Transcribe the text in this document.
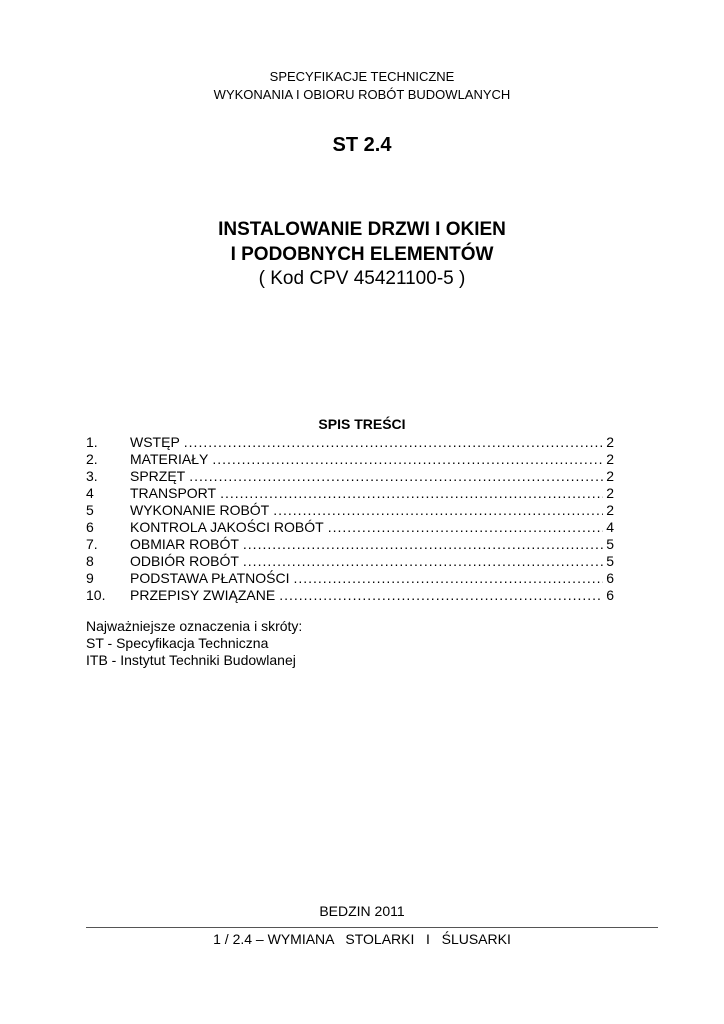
SPECYFIKACJE TECHNICZNE
WYKONANIA I OBIORU ROBÓT BUDOWLANYCH
ST 2.4
INSTALOWANIE DRZWI I OKIEN
I PODOBNYCH ELEMENTÓW
( Kod CPV 45421100-5 )
SPIS TREŚCI
1.	WSTĘP .....	2
2.	MATERIAŁY .....	2
3.	SPRZĘT .....	2
4	TRANSPORT .....	2
5	WYKONANIE ROBÓT .....	2
6	KONTROLA JAKOŚCI ROBÓT .....	4
7.	OBMIAR ROBÓT .....	5
8	ODBIÓR ROBÓT .....	5
9	PODSTAWA PŁATNOŚCI .....	6
10.	PRZEPISY ZWIĄZANE .....	6
Najważniejsze oznaczenia i skróty:
ST - Specyfikacja Techniczna
ITB - Instytut Techniki Budowlanej
BEDZIN 2011
1 / 2.4 – WYMIANA   STOLARKI   I   ŚLUSARKI
